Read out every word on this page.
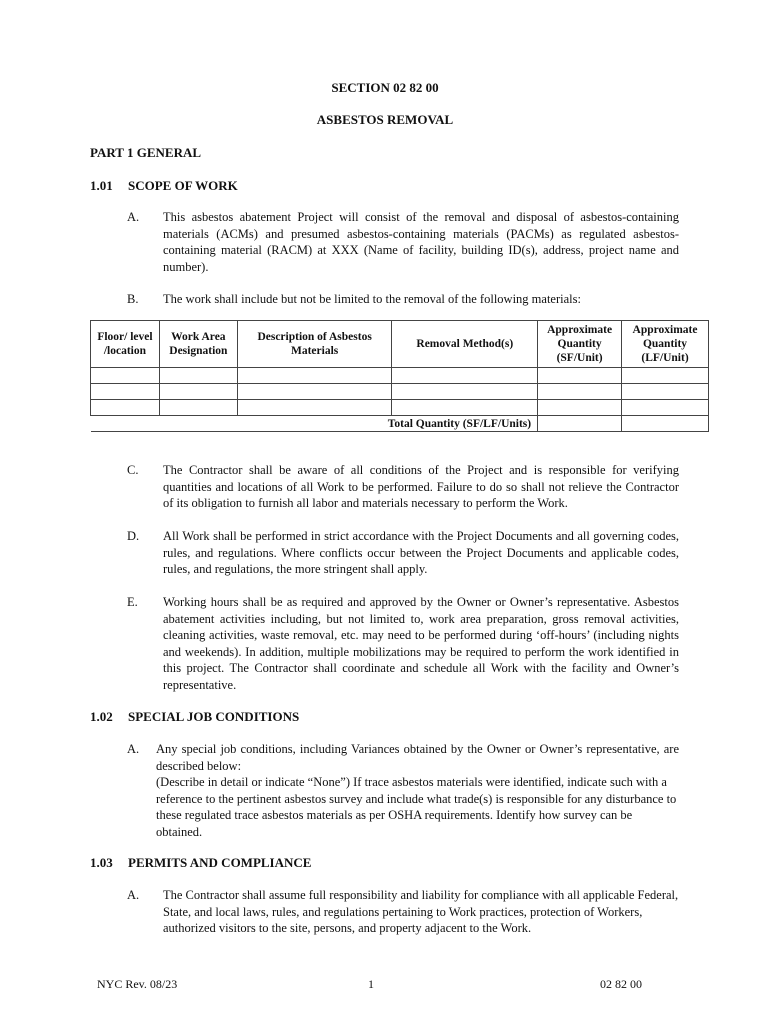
SECTION 02 82 00
ASBESTOS REMOVAL
PART 1 GENERAL
1.01 SCOPE OF WORK
A. This asbestos abatement Project will consist of the removal and disposal of asbestos-containing materials (ACMs) and presumed asbestos-containing materials (PACMs) as regulated asbestos-containing material (RACM) at XXX (Name of facility, building ID(s), address, project name and number).

B. The work shall include but not be limited to the removal of the following materials:

Floor/ level /location	Work Area Designation	Description of Asbestos Materials	Removal Method(s)	Approximate Quantity (SF/Unit)	Approximate Quantity (LF/Unit)

Total Quantity (SF/LF/Units)					
C. The Contractor shall be aware of all conditions of the Project and is responsible for verifying quantities and locations of all Work to be performed. Failure to do so shall not relieve the Contractor of its obligation to furnish all labor and materials necessary to perform the Work.

D. All Work shall be performed in strict accordance with the Project Documents and all governing codes, rules, and regulations. Where conflicts occur between the Project Documents and applicable codes, rules, and regulations, the more stringent shall apply.

E. Working hours shall be as required and approved by the Owner or Owner’s representative. Asbestos abatement activities including, but not limited to, work area preparation, gross removal activities, cleaning activities, waste removal, etc. may need to be performed during ‘off-hours’ (including nights and weekends). In addition, multiple mobilizations may be required to perform the work identified in this project. The Contractor shall coordinate and schedule all Work with the facility and Owner’s representative.

1.02 SPECIAL JOB CONDITIONS
A. Any special job conditions, including Variances obtained by the Owner or Owner’s representative, are described below:

(Describe in detail or indicate “None”) If trace asbestos materials were identified, indicate such with a reference to the pertinent asbestos survey and include what trade(s) is responsible for any disturbance to these regulated trace asbestos materials as per OSHA requirements. Identify how survey can be obtained.

1.03 PERMITS AND COMPLIANCE
A. The Contractor shall assume full responsibility and liability for compliance with all applicable Federal, State, and local laws, rules, and regulations pertaining to Work practices, protection of Workers, authorized visitors to the site, persons, and property adjacent to the Work.

NYC Rev. 08/23	1	02 82 00
